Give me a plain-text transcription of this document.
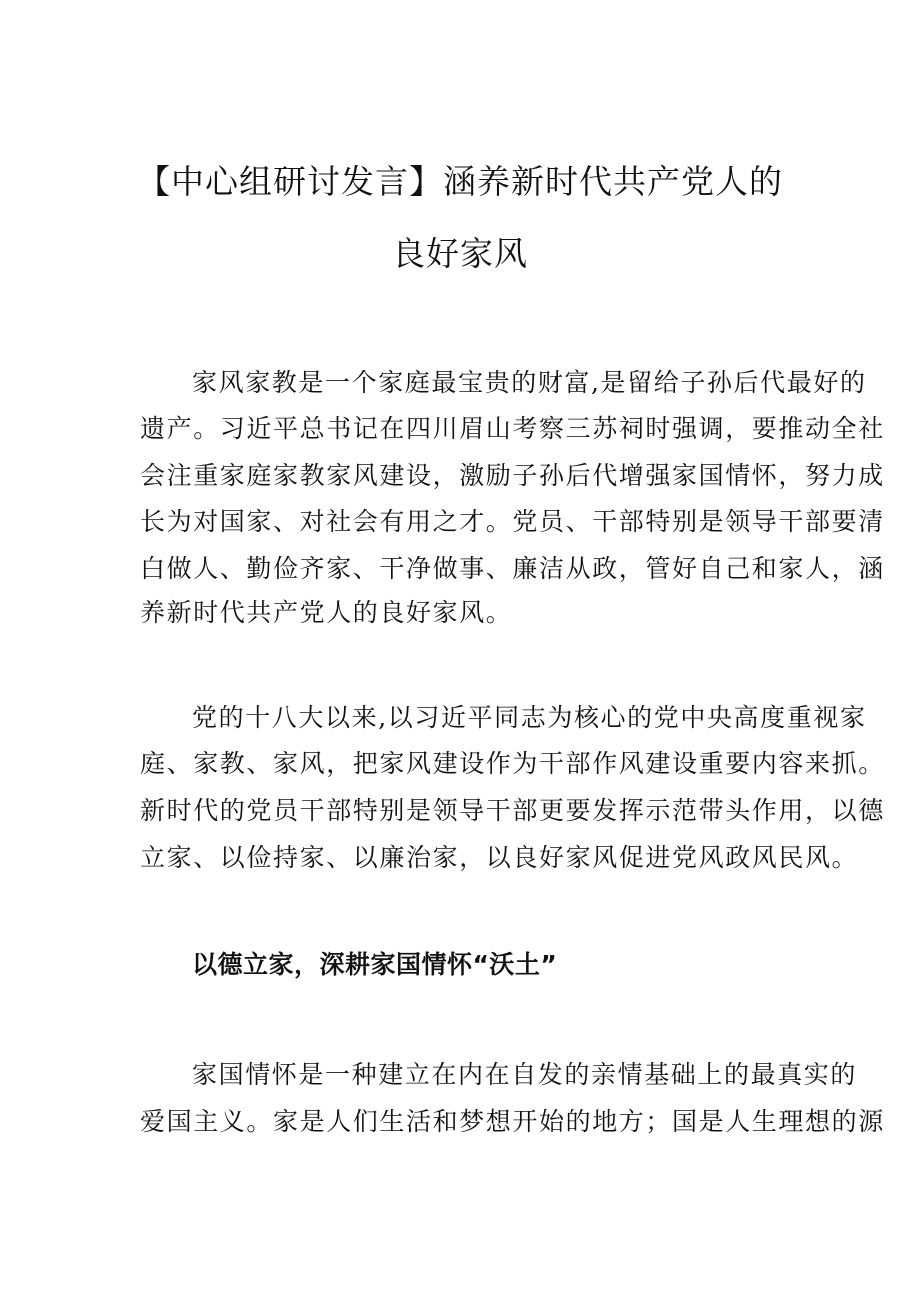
【中心组研讨发言】涵养新时代共产党人的
良好家风
家风家教是一个家庭最宝贵的财富,是留给子孙后代最好的
遗产。习近平总书记在四川眉山考察三苏祠时强调，要推动全社
会注重家庭家教家风建设，激励子孙后代增强家国情怀，努力成
长为对国家、对社会有用之才。党员、干部特别是领导干部要清
白做人、勤俭齐家、干净做事、廉洁从政，管好自己和家人，涵
养新时代共产党人的良好家风。
党的十八大以来,以习近平同志为核心的党中央高度重视家
庭、家教、家风，把家风建设作为干部作风建设重要内容来抓。
新时代的党员干部特别是领导干部更要发挥示范带头作用，以德
立家、以俭持家、以廉治家，以良好家风促进党风政风民风。
以德立家，深耕家国情怀“沃土”
家国情怀是一种建立在内在自发的亲情基础上的最真实的
爱国主义。家是人们生活和梦想开始的地方；国是人生理想的源
